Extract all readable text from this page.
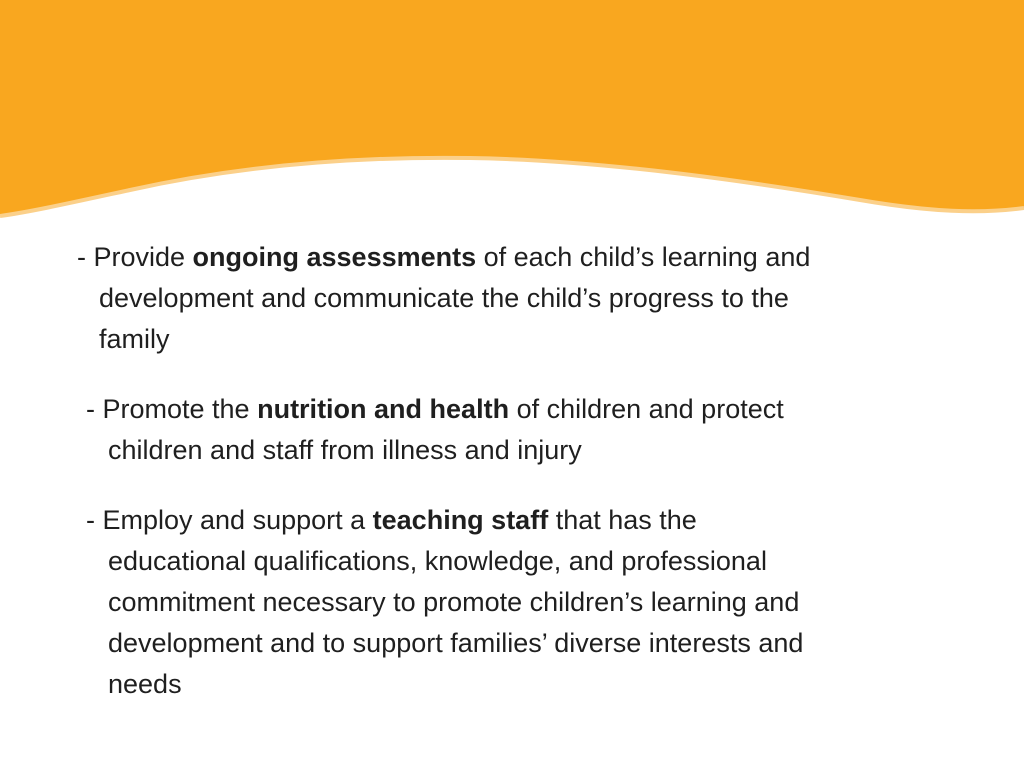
- Provide ongoing assessments of each child’s learning and
development and communicate the child’s progress to the
family

- Promote the nutrition and health of children and protect
children and staff from illness and injury

- Employ and support a teaching staff that has the
educational qualifications, knowledge, and professional
commitment necessary to promote children’s learning and
development and to support families’ diverse interests and
needs
